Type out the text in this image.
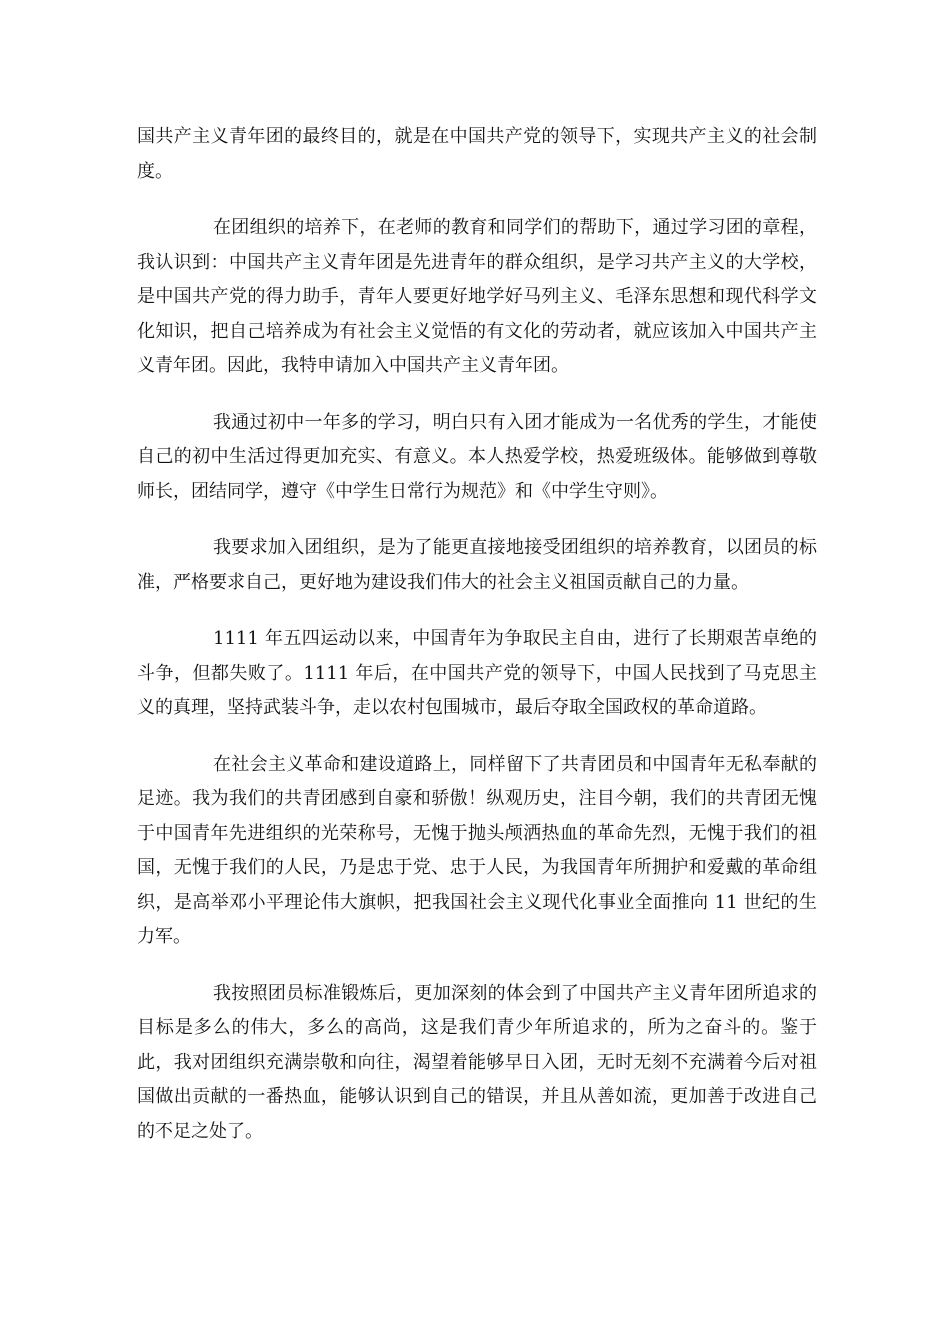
国共产主义青年团的最终目的，就是在中国共产党的领导下，实现共产主义的社会制度。

在团组织的培养下，在老师的教育和同学们的帮助下，通过学习团的章程，我认识到：中国共产主义青年团是先进青年的群众组织，是学习共产主义的大学校，是中国共产党的得力助手，青年人要更好地学好马列主义、毛泽东思想和现代科学文化知识，把自己培养成为有社会主义觉悟的有文化的劳动者，就应该加入中国共产主义青年团。因此，我特申请加入中国共产主义青年团。

我通过初中一年多的学习，明白只有入团才能成为一名优秀的学生，才能使自己的初中生活过得更加充实、有意义。本人热爱学校，热爱班级体。能够做到尊敬师长，团结同学，遵守《中学生日常行为规范》和《中学生守则》。

我要求加入团组织，是为了能更直接地接受团组织的培养教育，以团员的标准，严格要求自己，更好地为建设我们伟大的社会主义祖国贡献自己的力量。

1111 年五四运动以来，中国青年为争取民主自由，进行了长期艰苦卓绝的斗争，但都失败了。1111 年后，在中国共产党的领导下，中国人民找到了马克思主义的真理，坚持武装斗争，走以农村包围城市，最后夺取全国政权的革命道路。

在社会主义革命和建设道路上，同样留下了共青团员和中国青年无私奉献的足迹。我为我们的共青团感到自豪和骄傲！纵观历史，注目今朝，我们的共青团无愧于中国青年先进组织的光荣称号，无愧于抛头颅洒热血的革命先烈，无愧于我们的祖国，无愧于我们的人民，乃是忠于党、忠于人民，为我国青年所拥护和爱戴的革命组织，是高举邓小平理论伟大旗帜，把我国社会主义现代化事业全面推向 11 世纪的生力军。

我按照团员标准锻炼后，更加深刻的体会到了中国共产主义青年团所追求的目标是多么的伟大，多么的高尚，这是我们青少年所追求的，所为之奋斗的。鉴于此，我对团组织充满崇敬和向往，渴望着能够早日入团，无时无刻不充满着今后对祖国做出贡献的一番热血，能够认识到自己的错误，并且从善如流，更加善于改进自己的不足之处了。
